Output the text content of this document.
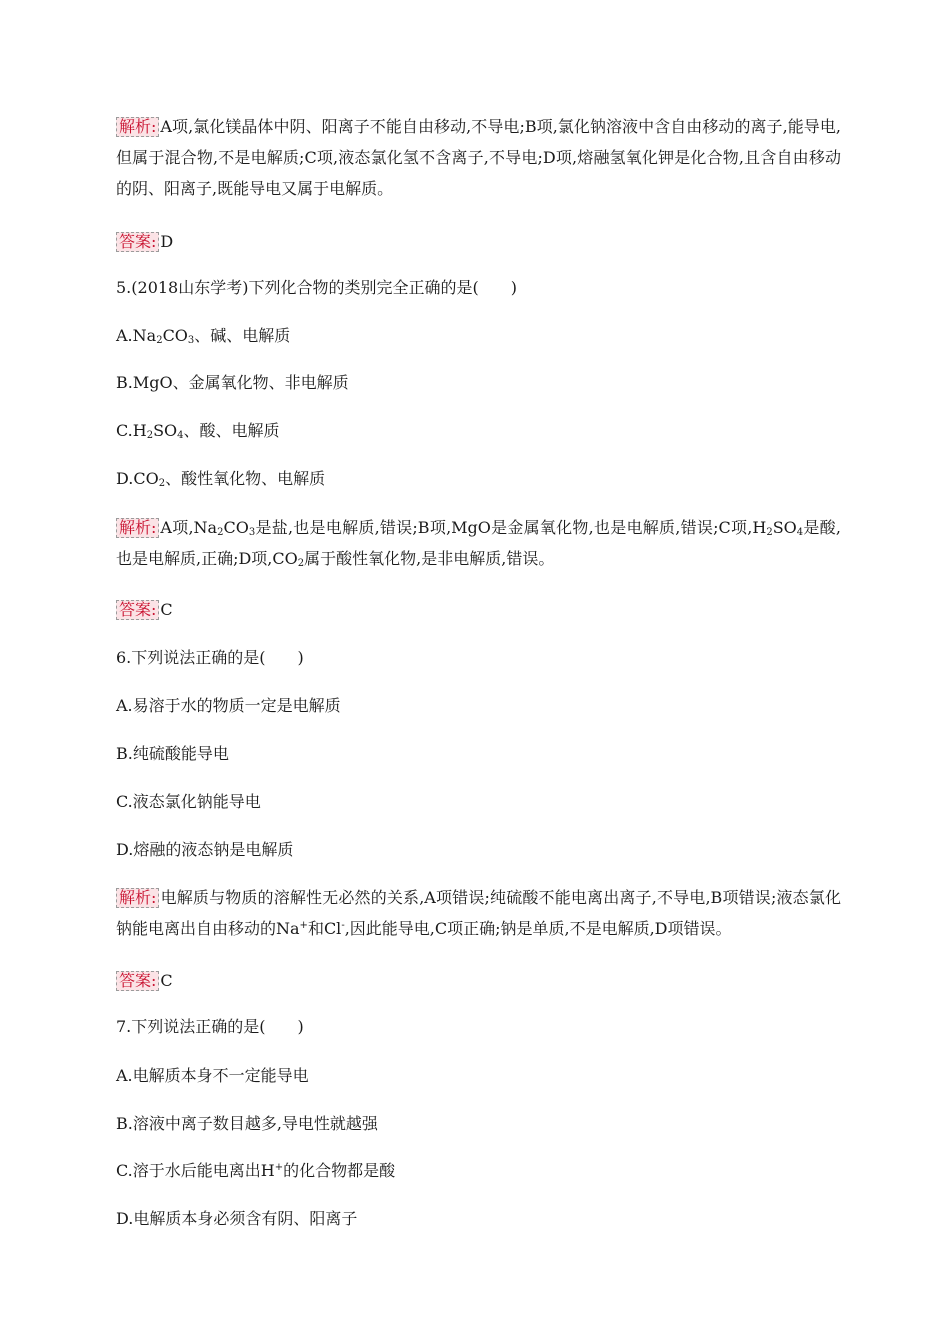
解析: A项,氯化镁晶体中阴、阳离子不能自由移动,不导电;B项,氯化钠溶液中含自由移动的离子,能导电,但属于混合物,不是电解质;C项,液态氯化氢不含离子,不导电;D项,熔融氢氧化钾是化合物,且含自由移动的阴、阳离子,既能导电又属于电解质。
答案: D
5.(2018山东学考)下列化合物的类别完全正确的是(　　)
$A.Na_2CO_3$、碱、电解质
B.MgO、金属氧化物、非电解质
$C.H_2SO_4$、酸、电解质
$D.CO_2$、酸性氧化物、电解质
解析: A项$,Na_2CO_3$是盐,也是电解质,错误;B项,MgO是金属氧化物,也是电解质,错误;C项$,H_2SO_4$是酸,也是电解质,正确;D项$,CO_2$属于酸性氧化物,是非电解质,错误。
答案: C
6.下列说法正确的是(　　)
A.易溶于水的物质一定是电解质
B.纯硫酸能导电
C.液态氯化钠能导电
D.熔融的液态钠是电解质
解析: 电解质与物质的溶解性无必然的关系,A项错误;纯硫酸不能电离出离子,不导电,B项错误;液态氯化钠能电离出自由移动的Na+和Cl-,因此能导电,C项正确;钠是单质,不是电解质,D项错误。
答案: C
7.下列说法正确的是(　　)
A.电解质本身不一定能导电
B.溶液中离子数目越多,导电性就越强
C.溶于水后能电离出H+的化合物都是酸
D.电解质本身必须含有阴、阳离子
